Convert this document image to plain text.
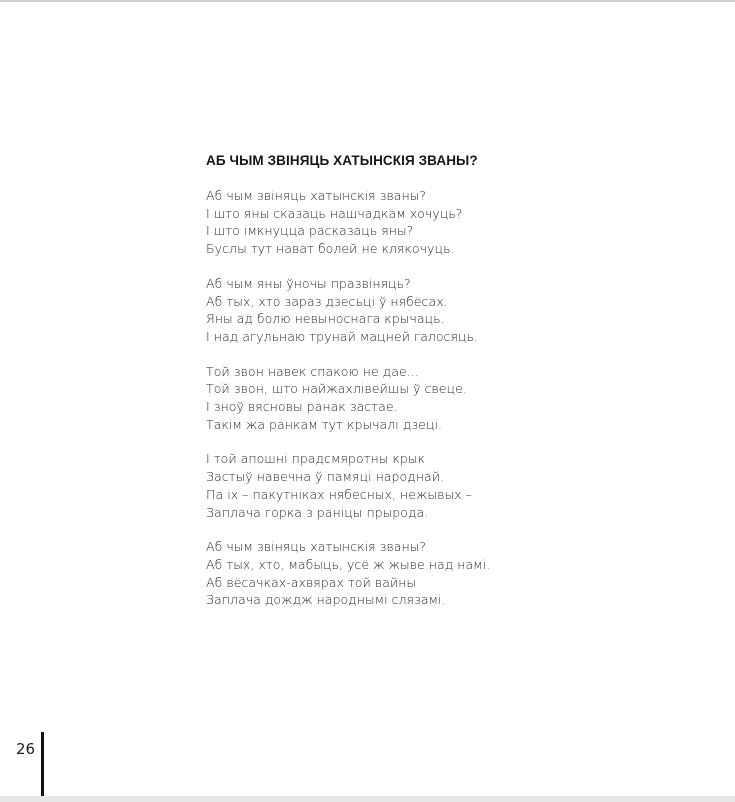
АБ ЧЫМ ЗВІНЯЦЬ ХАТЫНСКІЯ ЗВАНЫ?
Аб чым звіняць хатынскія званы?
І што яны сказаць нашчадкам хочуць?
І што імкнуцца расказаць яны?
Буслы тут нават болей не клякочуць.
Аб чым яны ўночы празвіняць?
Аб тых, хто зараз дзесьці ў нябёсах.
Яны ад болю невыноснага крычаць.
І над агульнаю трунай мацней галосяць.
Той звон навек спакою не дае...
Той звон, што найжахлівейшы ў свеце.
І зноў вясновы ранак застае.
Такім жа ранкам тут крычалі дзеці.
І той апошні прадсмяротны крык
Застыў навечна ў памяці народнай.
Па іх – пакутніках нябесных, нежывых –
Заплача горка з раніцы прырода.
Аб чым звіняць хатынскія званы?
Аб тых, хто, мабыць, усё ж жыве над намі.
Аб вёсачках-ахвярах той вайны
Заплача дождж народнымі слязамі.
26
